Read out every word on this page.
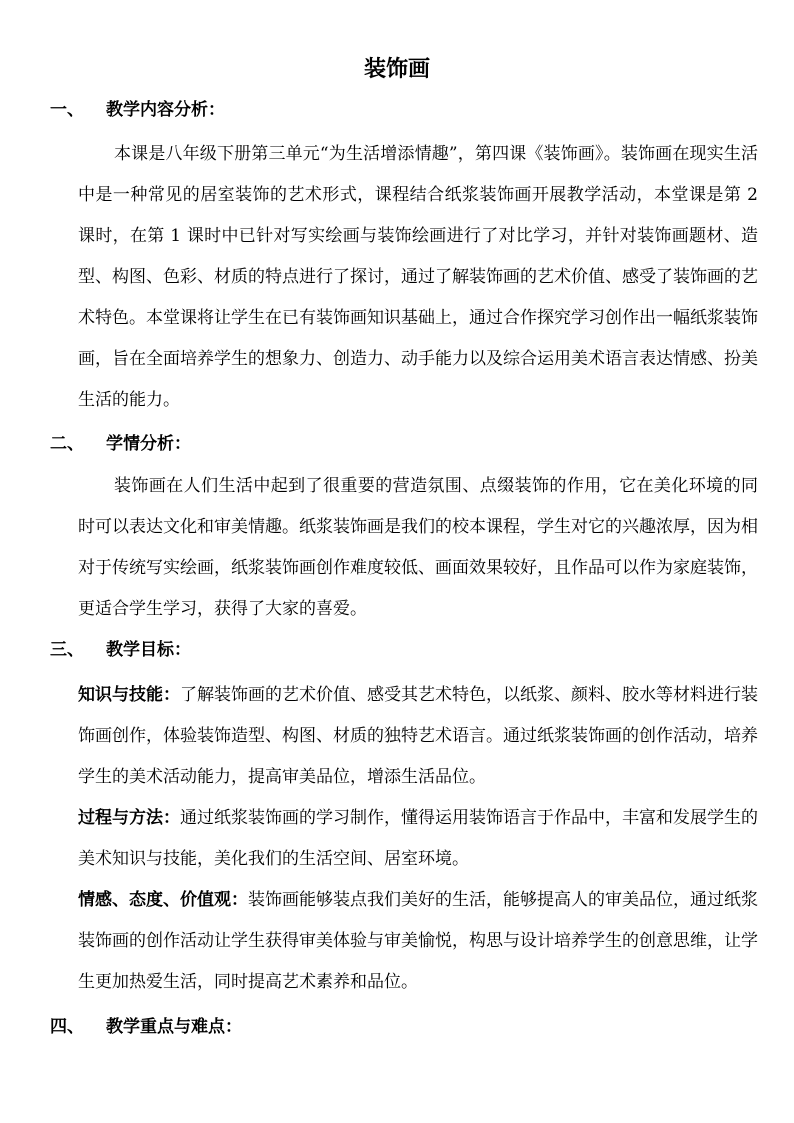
装饰画
一、 教学内容分析：

本课是八年级下册第三单元“为生活增添情趣”，第四课《装饰画》。装饰画在现实生活中是一种常见的居室装饰的艺术形式，课程结合纸浆装饰画开展教学活动，本堂课是第 2 课时，在第 1 课时中已针对写实绘画与装饰绘画进行了对比学习，并针对装饰画题材、造型、构图、色彩、材质的特点进行了探讨，通过了解装饰画的艺术价值、感受了装饰画的艺术特色。本堂课将让学生在已有装饰画知识基础上，通过合作探究学习创作出一幅纸浆装饰画，旨在全面培养学生的想象力、创造力、动手能力以及综合运用美术语言表达情感、扮美生活的能力。

二、 学情分析：

装饰画在人们生活中起到了很重要的营造氛围、点缀装饰的作用，它在美化环境的同时可以表达文化和审美情趣。纸浆装饰画是我们的校本课程，学生对它的兴趣浓厚，因为相对于传统写实绘画，纸浆装饰画创作难度较低、画面效果较好，且作品可以作为家庭装饰，更适合学生学习，获得了大家的喜爱。

三、 教学目标：

知识与技能：了解装饰画的艺术价值、感受其艺术特色，以纸浆、颜料、胶水等材料进行装饰画创作，体验装饰造型、构图、材质的独特艺术语言。通过纸浆装饰画的创作活动，培养学生的美术活动能力，提高审美品位，增添生活品位。

过程与方法：通过纸浆装饰画的学习制作，懂得运用装饰语言于作品中，丰富和发展学生的美术知识与技能，美化我们的生活空间、居室环境。

情感、态度、价值观：装饰画能够装点我们美好的生活，能够提高人的审美品位，通过纸浆装饰画的创作活动让学生获得审美体验与审美愉悦，构思与设计培养学生的创意思维，让学生更加热爱生活，同时提高艺术素养和品位。

四、 教学重点与难点：
